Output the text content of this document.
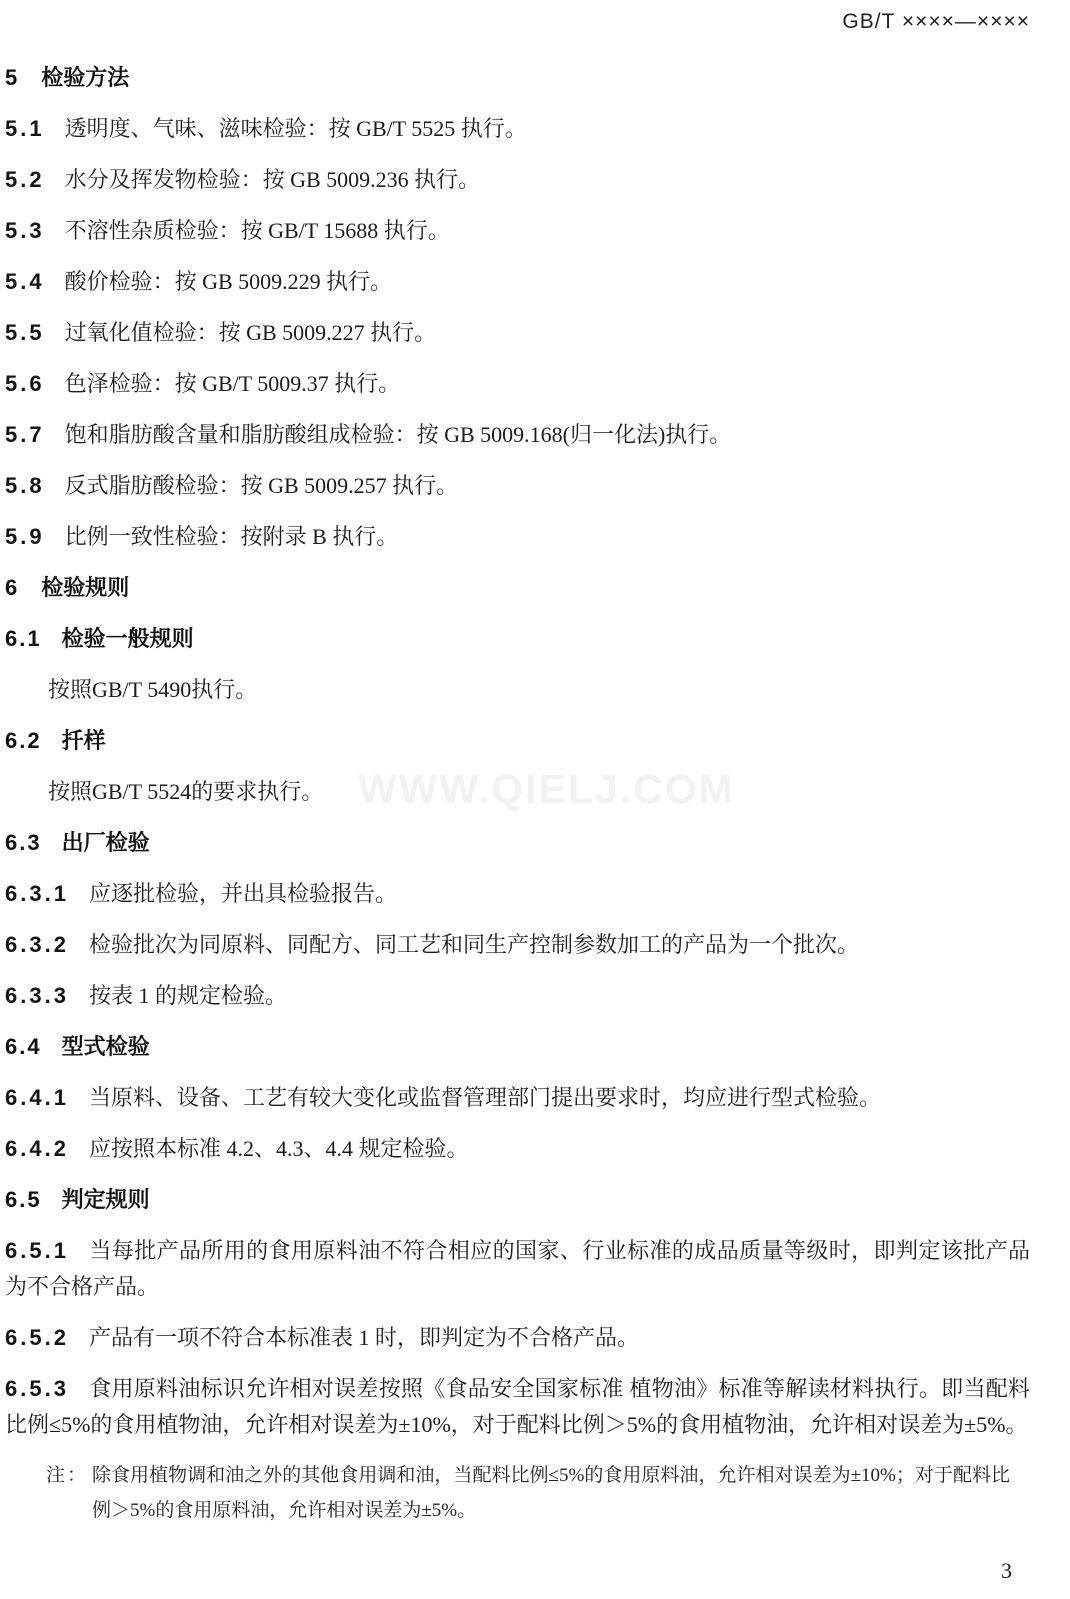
GB/T ××××—××××
WWW.QIELJ.COM
5 检验方法

5.1 透明度、气味、滋味检验：按 GB/T 5525 执行。

5.2 水分及挥发物检验：按 GB 5009.236 执行。

5.3 不溶性杂质检验：按 GB/T 15688 执行。

5.4 酸价检验：按 GB 5009.229 执行。

5.5 过氧化值检验：按 GB 5009.227 执行。

5.6 色泽检验：按 GB/T 5009.37 执行。

5.7 饱和脂肪酸含量和脂肪酸组成检验：按 GB 5009.168(归一化法)执行。

5.8 反式脂肪酸检验：按 GB 5009.257 执行。

5.9 比例一致性检验：按附录 B 执行。

6 检验规则
6.1 检验一般规则

按照GB/T 5490执行。

6.2 扦样

按照GB/T 5524的要求执行。

6.3 出厂检验

6.3.1 应逐批检验，并出具检验报告。

6.3.2 检验批次为同原料、同配方、同工艺和同生产控制参数加工的产品为一个批次。

6.3.3 按表 1 的规定检验。

6.4 型式检验

6.4.1 当原料、设备、工艺有较大变化或监督管理部门提出要求时，均应进行型式检验。

6.4.2 应按照本标准 4.2、4.3、4.4 规定检验。

6.5 判定规则

6.5.1 当每批产品所用的食用原料油不符合相应的国家、行业标准的成品质量等级时，即判定该批产品为不合格产品。

6.5.2 产品有一项不符合本标准表 1 时，即判定为不合格产品。

6.5.3 食用原料油标识允许相对误差按照《食品安全国家标准 植物油》标准等解读材料执行。即当配料比例≤5%的食用植物油，允许相对误差为±10%，对于配料比例＞5%的食用植物油，允许相对误差为±5%。

注： 除食用植物调和油之外的其他食用调和油，当配料比例≤5%的食用原料油，允许相对误差为±10%；对于配料比例＞5%的食用原料油，允许相对误差为±5%。
3
